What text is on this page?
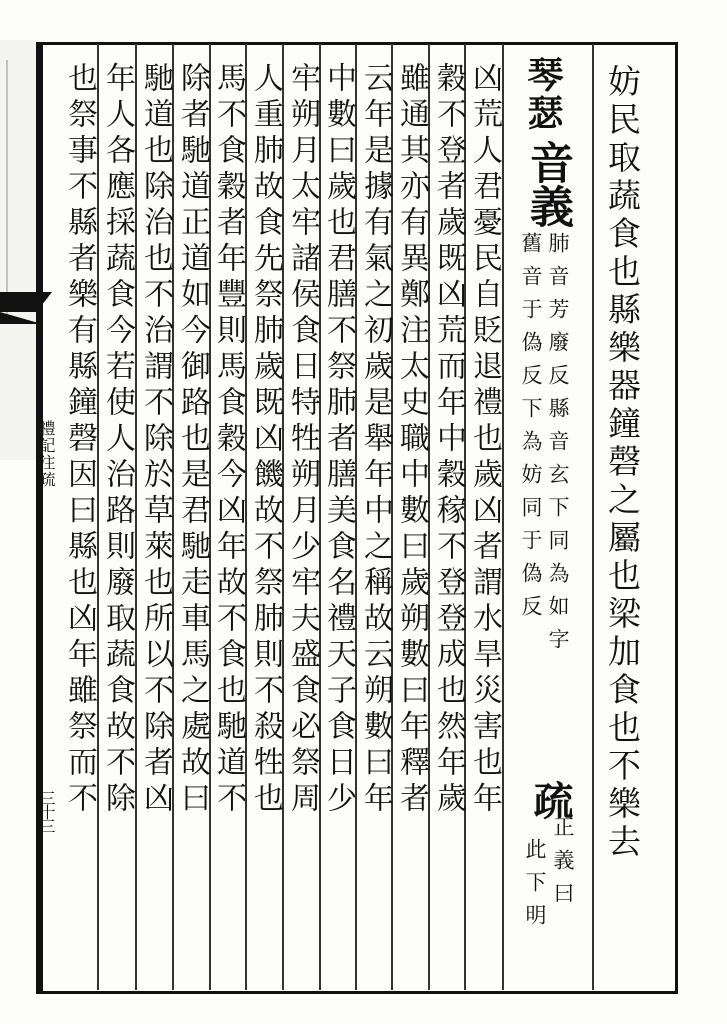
禮記注疏
三十三	妨民取蔬食也縣樂器鐘磬之屬也梁加食也不樂去
琴瑟
音義
肺音芳廢反縣音玄下同為如字
舊音于偽反下為妨同于偽反
疏
正義曰
此下明
凶荒人君憂民自貶退禮也歲凶者謂水旱災害也年
穀不登者歲既凶荒而年中穀稼不登登成也然年歲
雖通其亦有異鄭注太史職中數曰歲朔數曰年釋者
云年是據有氣之初歲是舉年中之稱故云朔數曰年
中數曰歲也君膳不祭肺者膳美食名禮天子食日少
牢朔月太牢諸侯食日特牲朔月少牢夫盛食必祭周
人重肺故食先祭肺歲既凶饑故不祭肺則不殺牲也
馬不食穀者年豐則馬食穀今凶年故不食也馳道不
除者馳道正道如今御路也是君馳走車馬之處故曰
馳道也除治也不治謂不除於草萊也所以不除者凶
年人各應採蔬食今若使人治路則廢取蔬食故不除
也祭事不縣者樂有縣鐘磬因曰縣也凶年雖祭而不
